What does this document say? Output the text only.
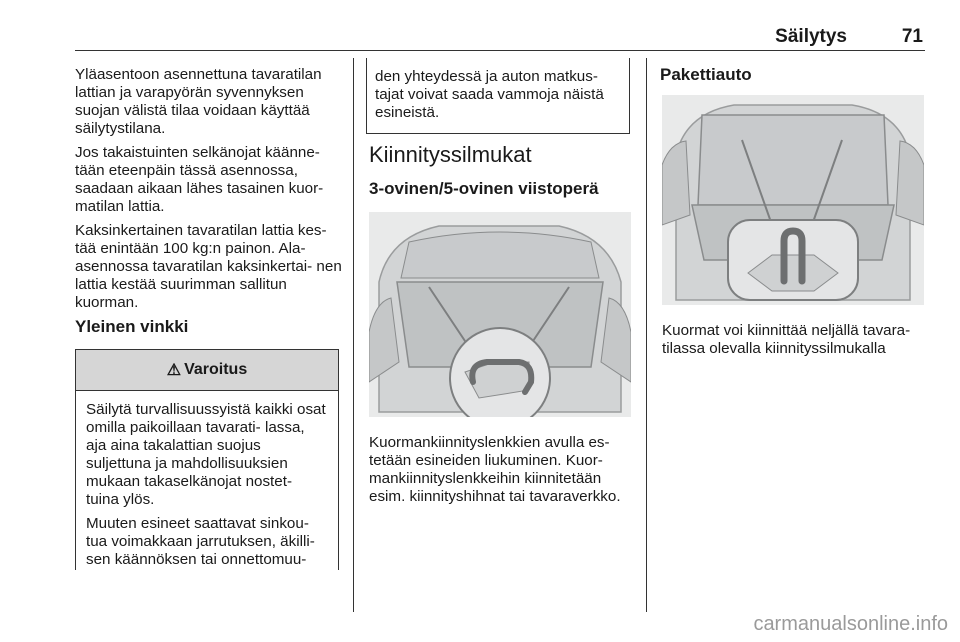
Säilytys	71

Yläasentoon asennettuna tavaratilan lattian ja varapyörän syvennyksen suojan välistä tilaa voidaan käyttää säilytystilana.

Jos takaistuinten selkänojat käänne- tään eteenpäin tässä asennossa, saadaan aikaan lähes tasainen kuor- matilan lattia.

Kaksinkertainen tavaratilan lattia kes- tää enintään 100 kg:n painon. Ala- asennossa tavaratilan kaksinkertai- nen lattia kestää suurimman sallitun kuorman.

Yleinen vinkki
⚠ Varoitus

Säilytä turvallisuussyistä kaikki osat omilla paikoillaan tavarati- lassa, aja aina takalattian suojus suljettuna ja mahdollisuuksien mukaan takaselkänojat nostet- tuina ylös.

Muuten esineet saattavat sinkou- tua voimakkaan jarrutuksen, äkilli- sen käännöksen tai onnettomuu-

den yhteydessä ja auton matkus- tajat voivat saada vammoja näistä esineistä.
Kiinnityssilmukat
3-ovinen/5-ovinen viistoperä
Kuormankiinnityslenkkien avulla es- tetään esineiden liukuminen. Kuor- mankiinnityslenkkeihin kiinnitetään esim. kiinnityshihnat tai tavaraverkko.
Pakettiauto
Kuormat voi kiinnittää neljällä tavara- tilassa olevalla kiinnityssilmukalla
carmanualsonline.info
